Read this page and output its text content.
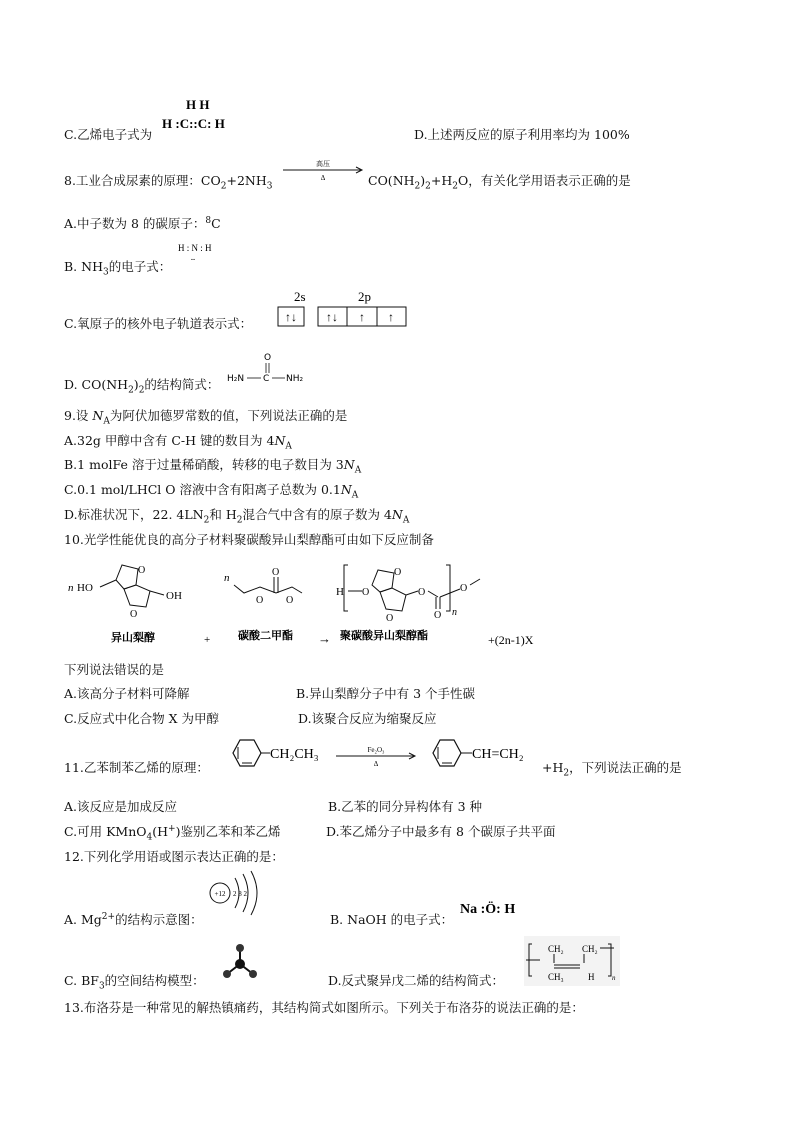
H H
H :C::C: H
C.乙烯电子式为	D.上述两反应的原子利用率均为 100%
8.工业合成尿素的原理：$CO_2+2NH_3$
高压
Δ	$CO(NH_2)_2+H_2O$，有关化学用语表示正确的是
A.中子数为 8 的碳原子：$^8$C
H : N : H
¨
B. $NH_3$的电子式：
2s	2p
↑↓ ↑↓ ↑ ↑
C.氧原子的核外电子轨道表示式：
O
H₂N C NH₂
D. $CO(NH_2)_2$的结构简式：
9.设 $N_A$为阿伏加德罗常数的值，下列说法正确的是
A.32g 甲醇中含有 C-H 键的数目为 $4N_A$
B.1 molFe 溶于过量稀硝酸，转移的电子数目为 $3N_A$
C.0.1 mol/LHCl O 溶液中含有阳离子总数为 $0.1N_A$
D.标准状况下，22. $4LN_2$和 $H_2$混合气中含有的原子数为 $4N_A$
10.光学性能优良的高分子材料聚碳酸异山梨醇酯可由如下反应制备
n HO
O
O
OH
n	O
O O
H O
O
O
O
O n
O
异山梨醇	+	碳酸二甲酯 → 聚碳酸异山梨醇酯	+(2n-1)X
下列说法错误的是
A.该高分子材料可降解	B.异山梨醇分子中有 3 个手性碳
C.反应式中化合物 X 为甲醇	D.该聚合反应为缩聚反应
CH₂CH₃	Fe₂O₃
Δ
CH=CH₂
11.乙苯制苯乙烯的原理：	$+H_2$，下列说法正确的是
A.该反应是加成反应	B.乙苯的同分异构体有 3 种
C.可用 KMnO$_4$(H+)鉴别乙苯和苯乙烯	D.苯乙烯分子中最多有 8 个碳原子共平面
12.下列化学用语或图示表达正确的是：
+12 2 8 2
A. $Mg^{2+}$的结构示意图：
Na :Ö: H
B. NaOH 的电子式：
C. $BF_3$的空间结构模型：
CH₂
CH₃
CH₂
H	n
D.反式聚异戊二烯的结构简式：
13.布洛芬是一种常见的解热镇痛药，其结构简式如图所示。下列关于布洛芬的说法正确的是：
